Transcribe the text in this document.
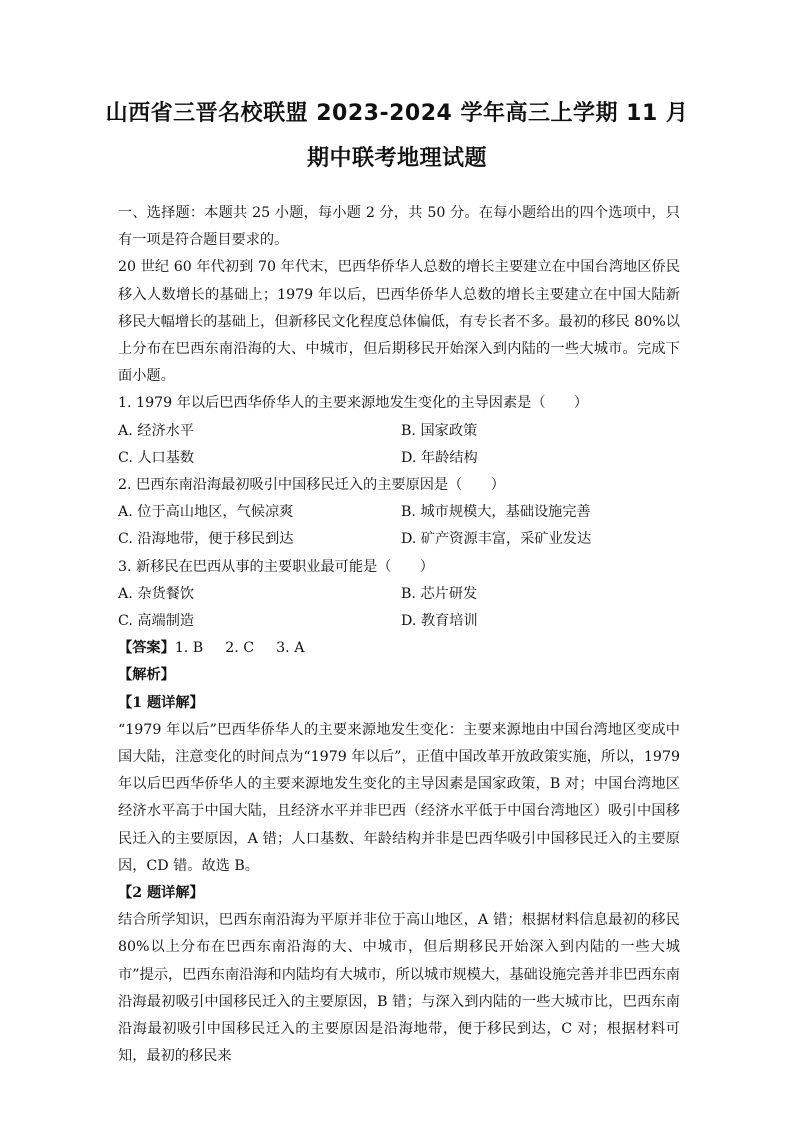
山西省三晋名校联盟 2023-2024 学年高三上学期 11 月
期中联考地理试题

一、选择题：本题共 25 小题，每小题 2 分，共 50 分。在每小题给出的四个选项中，只有一项是符合题目要求的。

20 世纪 60 年代初到 70 年代末，巴西华侨华人总数的增长主要建立在中国台湾地区侨民移入人数增长的基础上；1979 年以后，巴西华侨华人总数的增长主要建立在中国大陆新移民大幅增长的基础上，但新移民文化程度总体偏低，有专长者不多。最初的移民 80%以上分布在巴西东南沿海的大、中城市，但后期移民开始深入到内陆的一些大城市。完成下面小题。

1. 1979 年以后巴西华侨华人的主要来源地发生变化的主导因素是（　　）

A. 经济水平	B. 国家政策
C. 人口基数	D. 年龄结构

2. 巴西东南沿海最初吸引中国移民迁入的主要原因是（　　）

A. 位于高山地区，气候凉爽	B. 城市规模大，基础设施完善
C. 沿海地带，便于移民到达	D. 矿产资源丰富，采矿业发达

3. 新移民在巴西从事的主要职业最可能是（　　）

A. 杂货餐饮	B. 芯片研发
C. 高端制造	D. 教育培训

【答案】1. B 2. C 3. A

【解析】

【1 题详解】

“1979 年以后”巴西华侨华人的主要来源地发生变化：主要来源地由中国台湾地区变成中国大陆，注意变化的时间点为“1979 年以后”，正值中国改革开放政策实施，所以，1979 年以后巴西华侨华人的主要来源地发生变化的主导因素是国家政策，B 对；中国台湾地区经济水平高于中国大陆，且经济水平并非巴西（经济水平低于中国台湾地区）吸引中国移民迁入的主要原因，A 错；人口基数、年龄结构并非是巴西华吸引中国移民迁入的主要原因，CD 错。故选 B。

【2 题详解】

结合所学知识，巴西东南沿海为平原并非位于高山地区，A 错；根据材料信息最初的移民 80%以上分布在巴西东南沿海的大、中城市，但后期移民开始深入到内陆的一些大城市”提示，巴西东南沿海和内陆均有大城市，所以城市规模大，基础设施完善并非巴西东南沿海最初吸引中国移民迁入的主要原因，B 错；与深入到内陆的一些大城市比，巴西东南沿海最初吸引中国移民迁入的主要原因是沿海地带，便于移民到达，C 对；根据材料可知，最初的移民来
